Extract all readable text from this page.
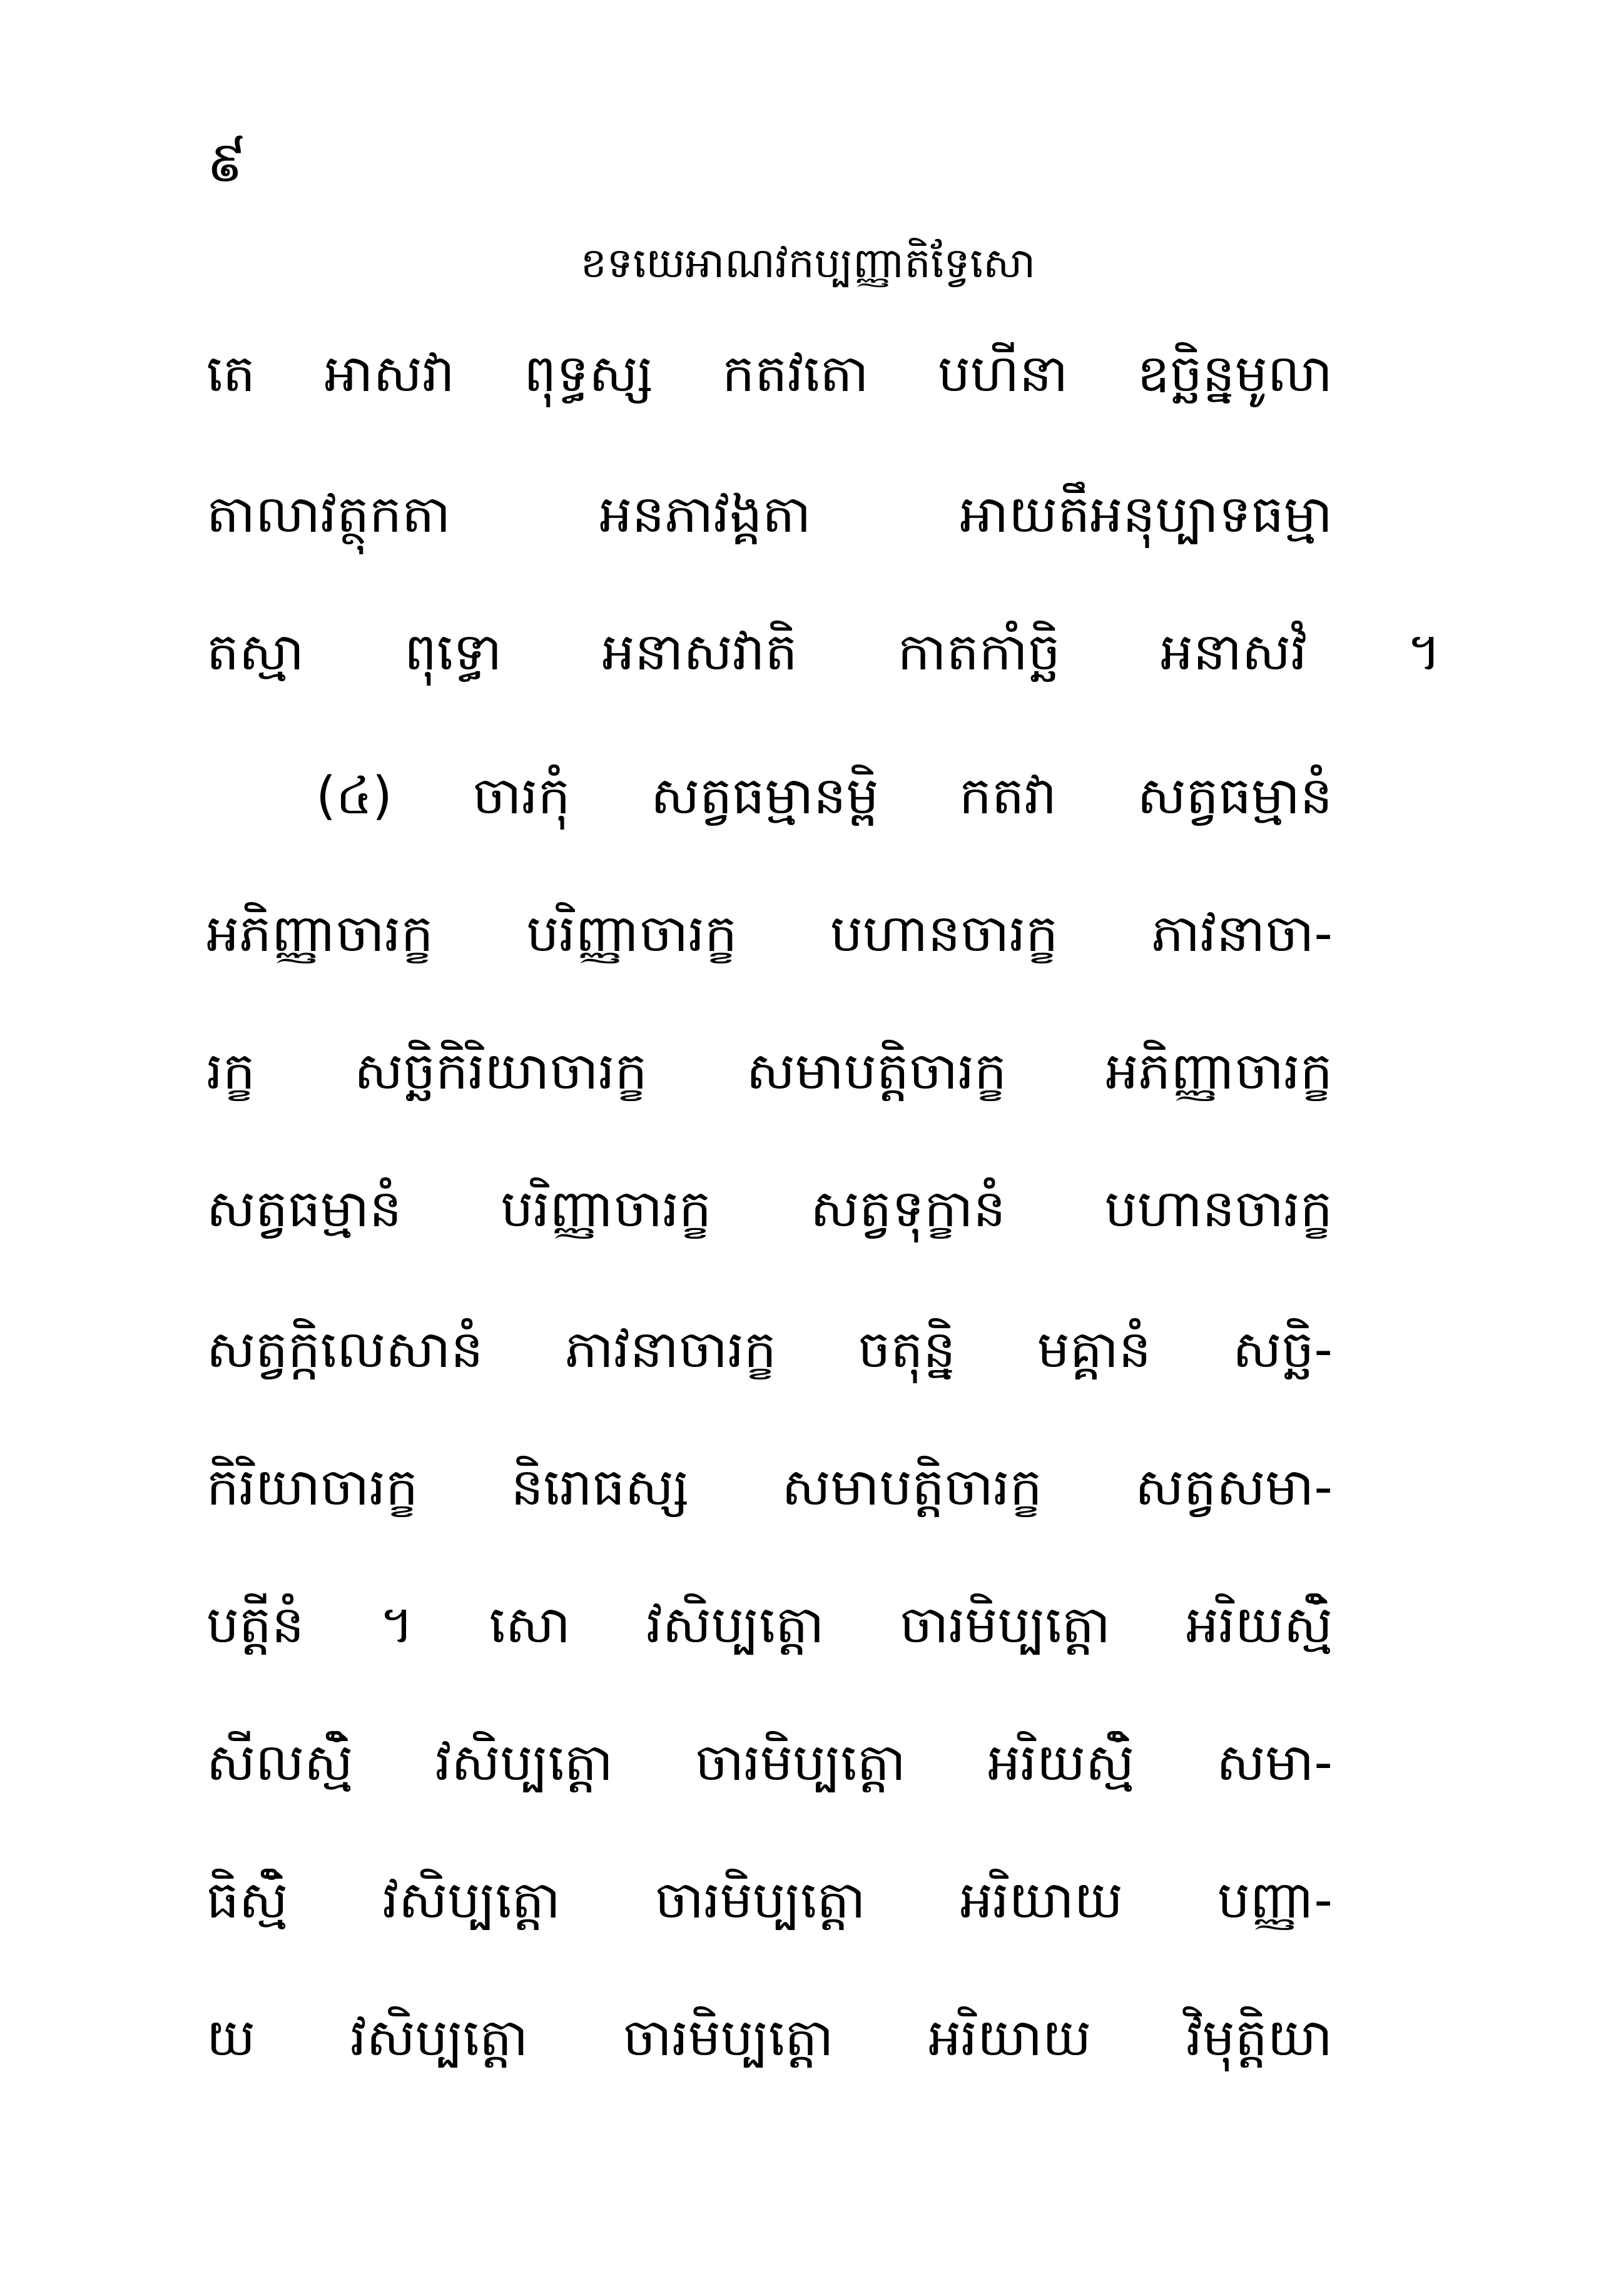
៩
ខទយេអាណវកប្បញ្ញាតិទ្វែសោ
តេ អាសវា ពុទ្ធស្ស កតវតោ បហីនា ឧច្ឆិន្នមូលា
តាលាវត្ថុកតា	អនភាវង្គតា	អាយតឹអនុប្បាទធម្មា
តស្មា ពុទ្ធោ អនាសវាតិ កាតកាំច្ឆិ អនាសវំ ។
(៤) ចារកុំ សត្វធម្មានម្ពិ កតវា សត្វធម្មានំ
អភិញ្ញាចារក្ខ បរិញ្ញាចារក្ខ បហានចារក្ខ ភាវនាចា-
រក្ខ សច្ឆិកិរិយាចារក្ខ សមាបត្តិចារក្ខ អភិញ្ញាចារក្ខ
សត្វធម្មានំ បរិញ្ញាចារក្ខ សត្វទុក្ខានំ បហានចារក្ខ
សត្វក្កិលេសានំ ភាវនាចារក្ខ ចតុន្និ មគ្គានំ សច្ឆិ-
កិរិយាចារក្ខ និរោធស្ស សមាបត្តិចារក្ខ សត្វសមា-
បត្តីនំ ។ សោ វសិប្បត្តោ ចារមិប្បត្តោ អរិយស្មិំ
សីលស្មិំ វសិប្បត្តោ ចារមិប្បត្តោ អរិយស្មិំ សមា-
ធិស្មិំ វសិប្បត្តោ ចារមិប្បត្តោ អរិយាយ បញ្ញា-
យ វសិប្បត្តោ ចារមិប្បត្តោ អរិយាយ វិមុត្តិយា
